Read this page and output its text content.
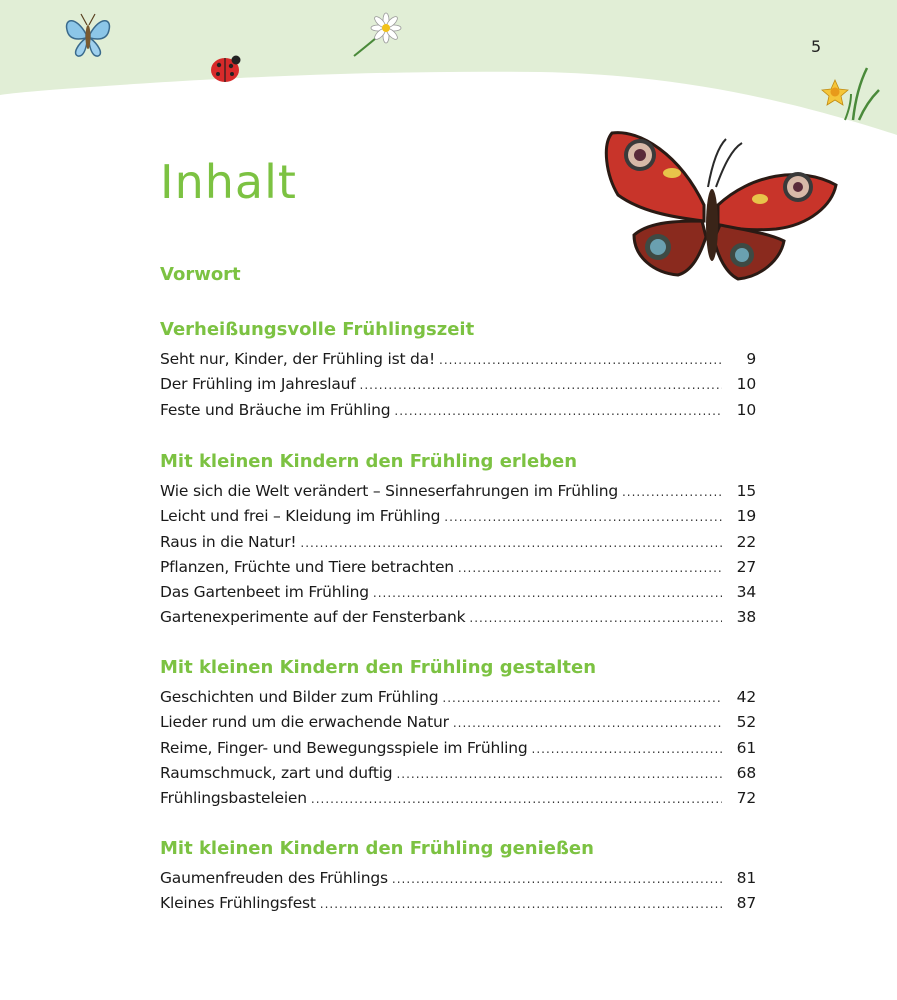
5
Inhalt
Vorwort
Verheißungsvolle Frühlingszeit
Seht nur, Kinder, der Frühling ist da! .....	9
Der Frühling im Jahreslauf .....	10
Feste und Bräuche im Frühling .....	10
Mit kleinen Kindern den Frühling erleben
Wie sich die Welt verändert – Sinneserfahrungen im Frühling .....	15
Leicht und frei – Kleidung im Frühling .....	19
Raus in die Natur! .....	22
Pflanzen, Früchte und Tiere betrachten .....	27
Das Gartenbeet im Frühling .....	34
Gartenexperimente auf der Fensterbank .....	38
Mit kleinen Kindern den Frühling gestalten
Geschichten und Bilder zum Frühling .....	42
Lieder rund um die erwachende Natur .....	52
Reime, Finger- und Bewegungsspiele im Frühling .....	61
Raumschmuck, zart und duftig .....	68
Frühlingsbasteleien .....	72
Mit kleinen Kindern den Frühling genießen
Gaumenfreuden des Frühlings .....	81
Kleines Frühlingsfest .....	87
